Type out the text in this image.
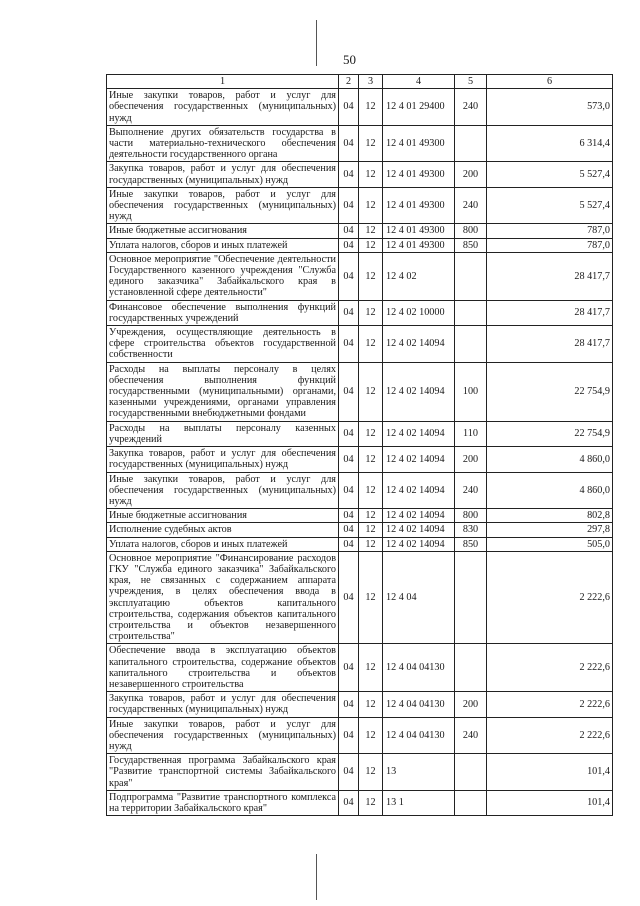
50
1	2	3	4	5	6
Иные закупки товаров, работ и услуг для обеспечения государственных (муниципальных) нужд	04	12	12 4 01 29400	240	573,0
Выполнение других обязательств государства в части материально-технического обеспечения деятельности государственного органа	04	12	12 4 01 49300		6 314,4
Закупка товаров, работ и услуг для обеспечения государственных (муниципальных) нужд	04	12	12 4 01 49300	200	5 527,4
Иные закупки товаров, работ и услуг для обеспечения государственных (муниципальных) нужд	04	12	12 4 01 49300	240	5 527,4
Иные бюджетные ассигнования	04	12	12 4 01 49300	800	787,0
Уплата налогов, сборов и иных платежей	04	12	12 4 01 49300	850	787,0
Основное мероприятие "Обеспечение деятельности Государственного казенного учреждения "Служба единого заказчика" Забайкальского края в установленной сфере деятельности"	04	12	12 4 02		28 417,7
Финансовое обеспечение выполнения функций государственных учреждений	04	12	12 4 02 10000		28 417,7
Учреждения, осуществляющие деятельность в сфере строительства объектов государственной собственности	04	12	12 4 02 14094		28 417,7
Расходы на выплаты персоналу в целях обеспечения выполнения функций государственными (муниципальными) органами, казенными учреждениями, органами управления государственными внебюджетными фондами	04	12	12 4 02 14094	100	22 754,9
Расходы на выплаты персоналу казенных учреждений	04	12	12 4 02 14094	110	22 754,9
Закупка товаров, работ и услуг для обеспечения государственных (муниципальных) нужд	04	12	12 4 02 14094	200	4 860,0
Иные закупки товаров, работ и услуг для обеспечения государственных (муниципальных) нужд	04	12	12 4 02 14094	240	4 860,0
Иные бюджетные ассигнования	04	12	12 4 02 14094	800	802,8
Исполнение судебных актов	04	12	12 4 02 14094	830	297,8
Уплата налогов, сборов и иных платежей	04	12	12 4 02 14094	850	505,0
Основное мероприятие "Финансирование расходов ГКУ "Служба единого заказчика" Забайкальского края, не связанных с содержанием аппарата учреждения, в целях обеспечения ввода в эксплуатацию объектов капитального строительства, содержания объектов капитального строительства и объектов незавершенного строительства"	04	12	12 4 04		2 222,6
Обеспечение ввода в эксплуатацию объектов капитального строительства, содержание объектов капитального строительства и объектов незавершенного строительства	04	12	12 4 04 04130		2 222,6
Закупка товаров, работ и услуг для обеспечения государственных (муниципальных) нужд	04	12	12 4 04 04130	200	2 222,6
Иные закупки товаров, работ и услуг для обеспечения государственных (муниципальных) нужд	04	12	12 4 04 04130	240	2 222,6
Государственная программа Забайкальского края "Развитие транспортной системы Забайкальского края"	04	12	13		101,4
Подпрограмма "Развитие транспортного комплекса на территории Забайкальского края"	04	12	13 1		101,4
